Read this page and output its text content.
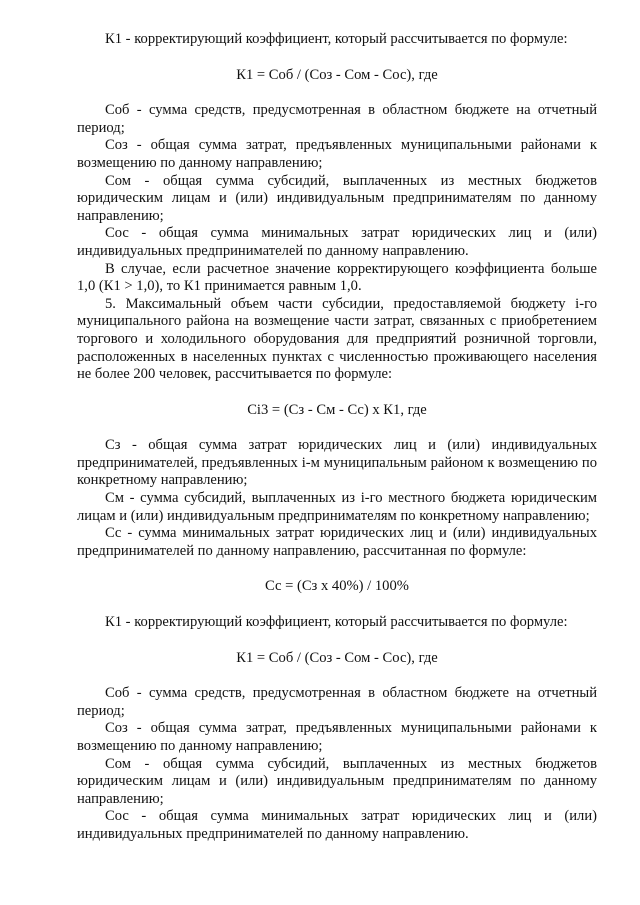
К1 - корректирующий коэффициент, который рассчитывается по формуле:

К1 = Соб / (Соз - Сом - Сос), где

Соб - сумма средств, предусмотренная в областном бюджете на отчетный период;

Соз - общая сумма затрат, предъявленных муниципальными районами к возмещению по данному направлению;

Сом - общая сумма субсидий, выплаченных из местных бюджетов юридическим лицам и (или) индивидуальным предпринимателям по данному направлению;

Сос - общая сумма минимальных затрат юридических лиц и (или) индивидуальных предпринимателей по данному направлению.

В случае, если расчетное значение корректирующего коэффициента больше 1,0 (К1 > 1,0), то К1 принимается равным 1,0.

5. Максимальный объем части субсидии, предоставляемой бюджету i-го муниципального района на возмещение части затрат, связанных с приобретением торгового и холодильного оборудования для предприятий розничной торговли, расположенных в населенных пунктах с численностью проживающего населения не более 200 человек, рассчитывается по формуле:

Сi3 = (Сз - См - Сс) х К1, где

Сз - общая сумма затрат юридических лиц и (или) индивидуальных предпринимателей, предъявленных i-м муниципальным районом к возмещению по конкретному направлению;

См - сумма субсидий, выплаченных из i-го местного бюджета юридическим лицам и (или) индивидуальным предпринимателям по конкретному направлению;

Сс - сумма минимальных затрат юридических лиц и (или) индивидуальных предпринимателей по данному направлению, рассчитанная по формуле:

Сс = (Сз х 40%) / 100%

К1 - корректирующий коэффициент, который рассчитывается по формуле:

К1 = Соб / (Соз - Сом - Сос), где

Соб - сумма средств, предусмотренная в областном бюджете на отчетный период;

Соз - общая сумма затрат, предъявленных муниципальными районами к возмещению по данному направлению;

Сом - общая сумма субсидий, выплаченных из местных бюджетов юридическим лицам и (или) индивидуальным предпринимателям по данному направлению;

Сос - общая сумма минимальных затрат юридических лиц и (или) индивидуальных предпринимателей по данному направлению.
